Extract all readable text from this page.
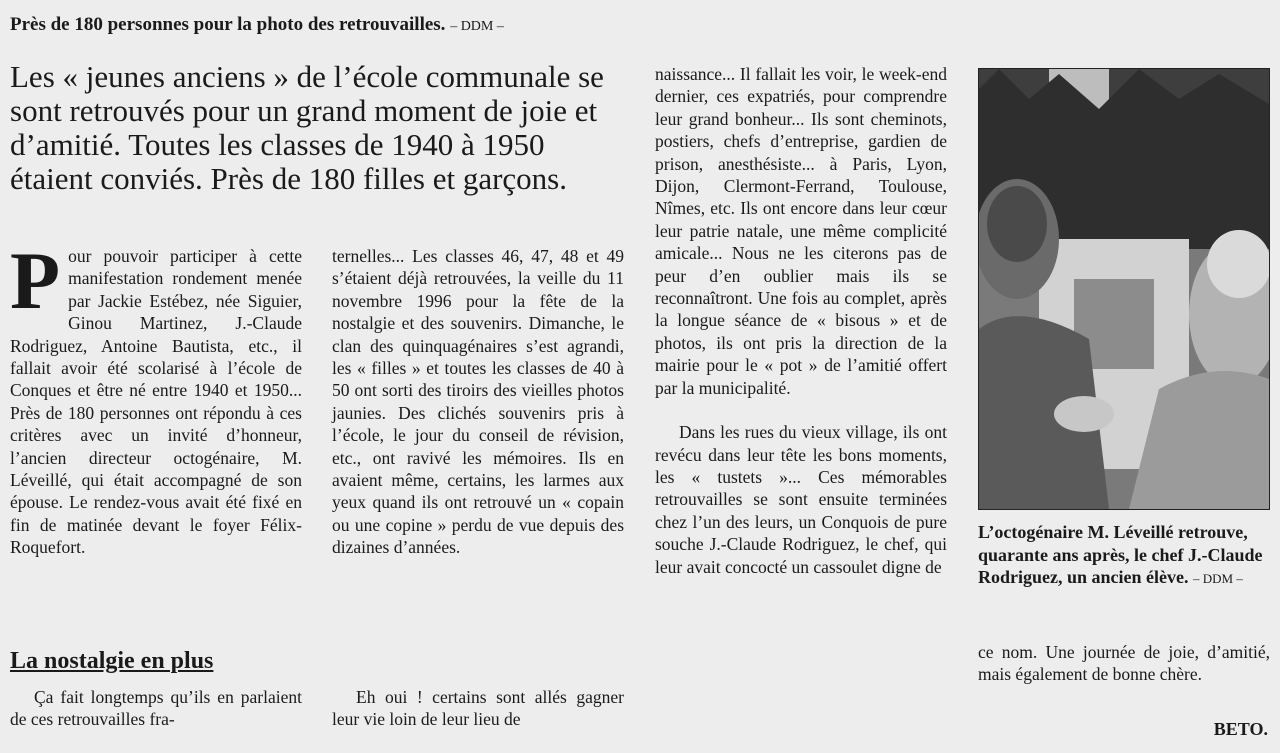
Près de 180 personnes pour la photo des retrouvailles. – DDM –
Les « jeunes anciens » de l’école communale se sont retrouvés pour un grand moment de joie et d’amitié. Toutes les classes de 1940 à 1950 étaient conviés. Près de 180 filles et garçons.
P our pouvoir participer à cette manifestation rondement menée par Jackie Estébez, née Siguier, Ginou Martinez, J.-Claude Rodriguez, Antoine Bautista, etc., il fallait avoir été scolarisé à l’école de Conques et être né entre 1940 et 1950... Près de 180 personnes ont répondu à ces critères avec un invité d’honneur, l’ancien directeur octogénaire, M. Léveillé, qui était accompagné de son épouse. Le rendez-vous avait été fixé en fin de matinée devant le foyer Félix-Roquefort.

La nostalgie en plus

Ça fait longtemps qu’ils en parlaient de ces retrouvailles fra-

ternelles... Les classes 46, 47, 48 et 49 s’étaient déjà retrouvées, la veille du 11 novembre 1996 pour la fête de la nostalgie et des souvenirs. Dimanche, le clan des quinquagénaires s’est agrandi, les « filles » et toutes les classes de 40 à 50 ont sorti des tiroirs des vieilles photos jaunies. Des clichés souvenirs pris à l’école, le jour du conseil de révision, etc., ont ravivé les mémoires. Ils en avaient même, certains, les larmes aux yeux quand ils ont retrouvé un « copain ou une copine » perdu de vue depuis des dizaines d’années.

Eh oui ! certains sont allés gagner leur vie loin de leur lieu de

naissance... Il fallait les voir, le week-end dernier, ces expatriés, pour comprendre leur grand bonheur... Ils sont cheminots, postiers, chefs d’entreprise, gardien de prison, anesthésiste... à Paris, Lyon, Dijon, Clermont-Ferrand, Toulouse, Nîmes, etc. Ils ont encore dans leur cœur leur patrie natale, une même complicité amicale... Nous ne les citerons pas de peur d’en oublier mais ils se reconnaîtront. Une fois au complet, après la longue séance de « bisous » et de photos, ils ont pris la direction de la mairie pour le « pot » de l’amitié offert par la municipalité.

Dans les rues du vieux village, ils ont revécu dans leur tête les bons moments, les « tustets »... Ces mémorables retrouvailles se sont ensuite terminées chez l’un des leurs, un Conquois de pure souche J.-Claude Rodriguez, le chef, qui leur avait concocté un cassoulet digne de

L’octogénaire M. Léveillé retrouve, quarante ans après, le chef J.-Claude Rodriguez, un ancien élève. – DDM –

ce nom. Une journée de joie, d’amitié, mais également de bonne chère.

BETO.
